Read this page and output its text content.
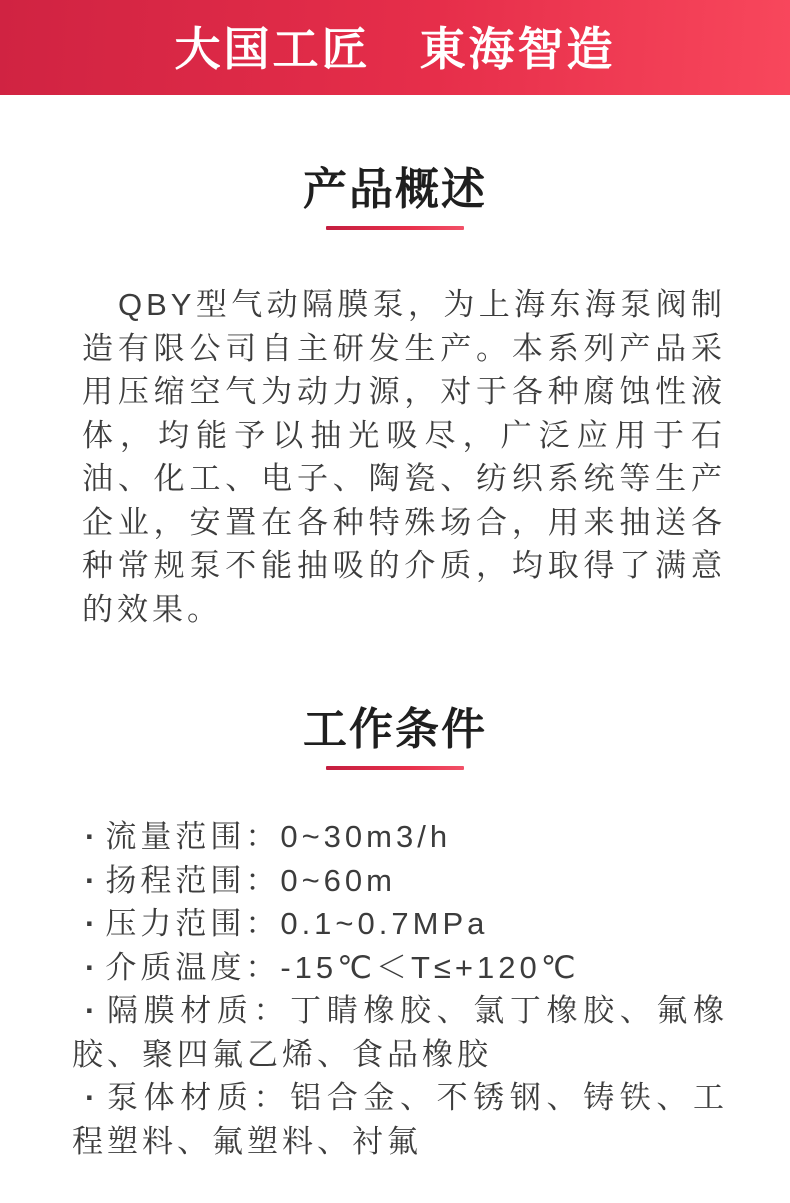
大国工匠　東海智造
产品概述

QBY型气动隔膜泵，为上海东海泵阀制造有限公司自主研发生产。本系列产品采用压缩空气为动力源，对于各种腐蚀性液体，均能予以抽光吸尽，广泛应用于石油、化工、电子、陶瓷、纺织系统等生产企业，安置在各种特殊场合，用来抽送各种常规泵不能抽吸的介质，均取得了满意的效果。

工作条件
· 流量范围：0~30m3/h
· 扬程范围：0~60m
· 压力范围：0.1~0.7MPa
· 介质温度：-15℃＜T≤+120℃
· 隔膜材质：丁睛橡胶、氯丁橡胶、氟橡胶、聚四氟乙烯、食品橡胶
· 泵体材质：铝合金、不锈钢、铸铁、工程塑料、氟塑料、衬氟
